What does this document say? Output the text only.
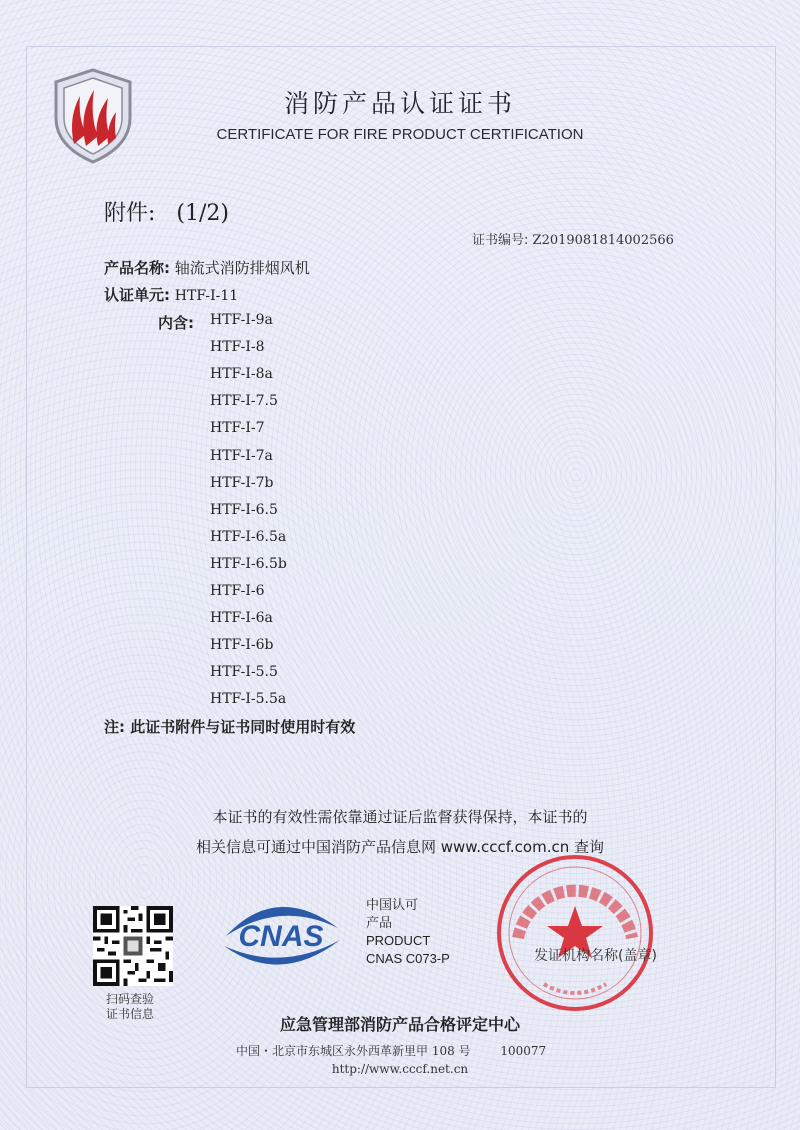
消防产品认证证书
CERTIFICATE FOR FIRE PRODUCT CERTIFICATION
附件: (1/2)
证书编号: Z2019081814002566
产品名称: 轴流式消防排烟风机
认证单元: HTF-I-11
内含: HTF-I-9a
HTF-I-8
HTF-I-8a
HTF-I-7.5
HTF-I-7
HTF-I-7a
HTF-I-7b
HTF-I-6.5
HTF-I-6.5a
HTF-I-6.5b
HTF-I-6
HTF-I-6a
HTF-I-6b
HTF-I-5.5
HTF-I-5.5a
注: 此证书附件与证书同时使用时有效
本证书的有效性需依靠通过证后监督获得保持，本证书的
相关信息可通过中国消防产品信息网 www.cccf.com.cn 查询
扫码查验
证书信息
CNAS
中国认可
产品
PRODUCT
CNAS C073-P	发证机构名称(盖章)
应急管理部消防产品合格评定中心
中国・北京市东城区永外西革新里甲 108 号 100077
http://www.cccf.net.cn
